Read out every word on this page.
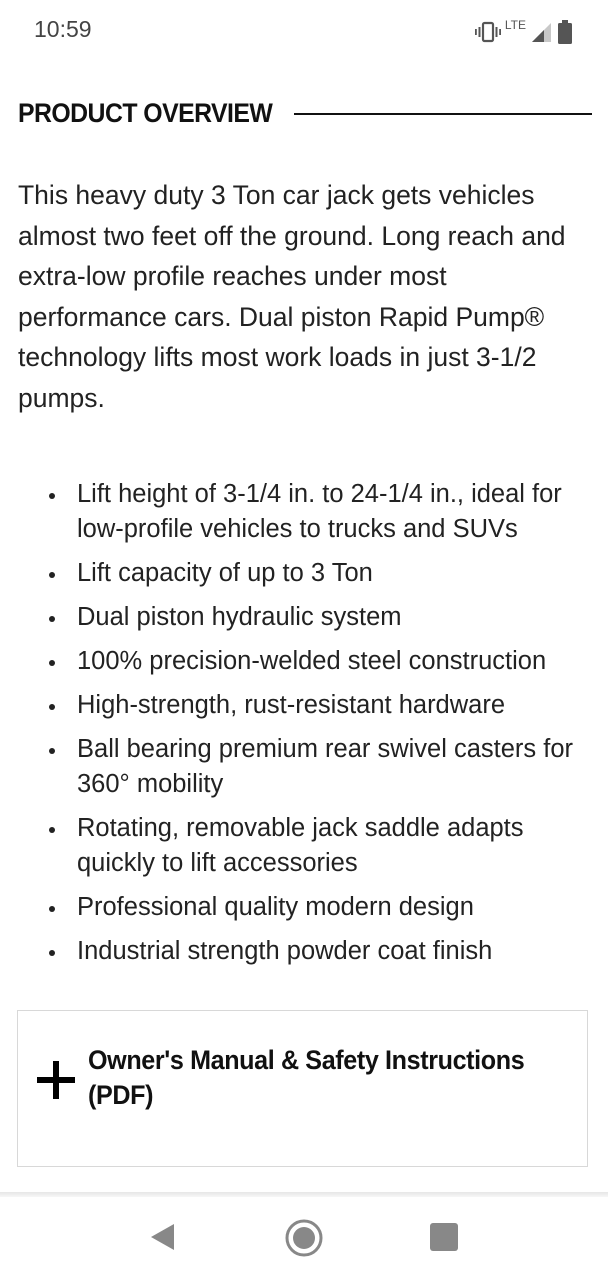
10:59	LTE
PRODUCT OVERVIEW

This heavy duty 3 Ton car jack gets vehicles almost two feet off the ground. Long reach and extra-low profile reaches under most performance cars. Dual piston Rapid Pump® technology lifts most work loads in just 3-1/2 pumps.

Lift height of 3-1/4 in. to 24-1/4 in., ideal for low-profile vehicles to trucks and SUVs
Lift capacity of up to 3 Ton
Dual piston hydraulic system
100% precision-welded steel construction
High-strength, rust-resistant hardware
Ball bearing premium rear swivel casters for 360° mobility
Rotating, removable jack saddle adapts quickly to lift accessories
Professional quality modern design
Industrial strength powder coat finish
Owner's Manual & Safety Instructions (PDF)
